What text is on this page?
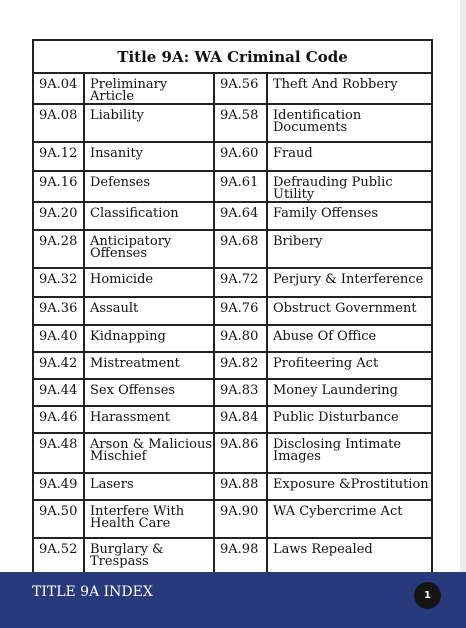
Title 9A: WA Criminal Code			
9A.04	Preliminary Article	9A.56	Theft And Robbery
9A.08	Liability	9A.58	Identification Documents
9A.12	Insanity	9A.60	Fraud
9A.16	Defenses	9A.61	Defrauding Public Utility
9A.20	Classification	9A.64	Family Offenses
9A.28	Anticipatory Offenses	9A.68	Bribery
9A.32	Homicide	9A.72	Perjury & Interference
9A.36	Assault	9A.76	Obstruct Government
9A.40	Kidnapping	9A.80	Abuse Of Office
9A.42	Mistreatment	9A.82	Profiteering Act
9A.44	Sex Offenses	9A.83	Money Laundering
9A.46	Harassment	9A.84	Public Disturbance
9A.48	Arson & Malicious Mischief	9A.86	Disclosing Intimate Images
9A.49	Lasers	9A.88	Exposure &Prostitution
9A.50	Interfere With Health Care	9A.90	WA Cybercrime Act
9A.52	Burglary & Trespass	9A.98	Laws Repealed
TITLE 9A INDEX	1
